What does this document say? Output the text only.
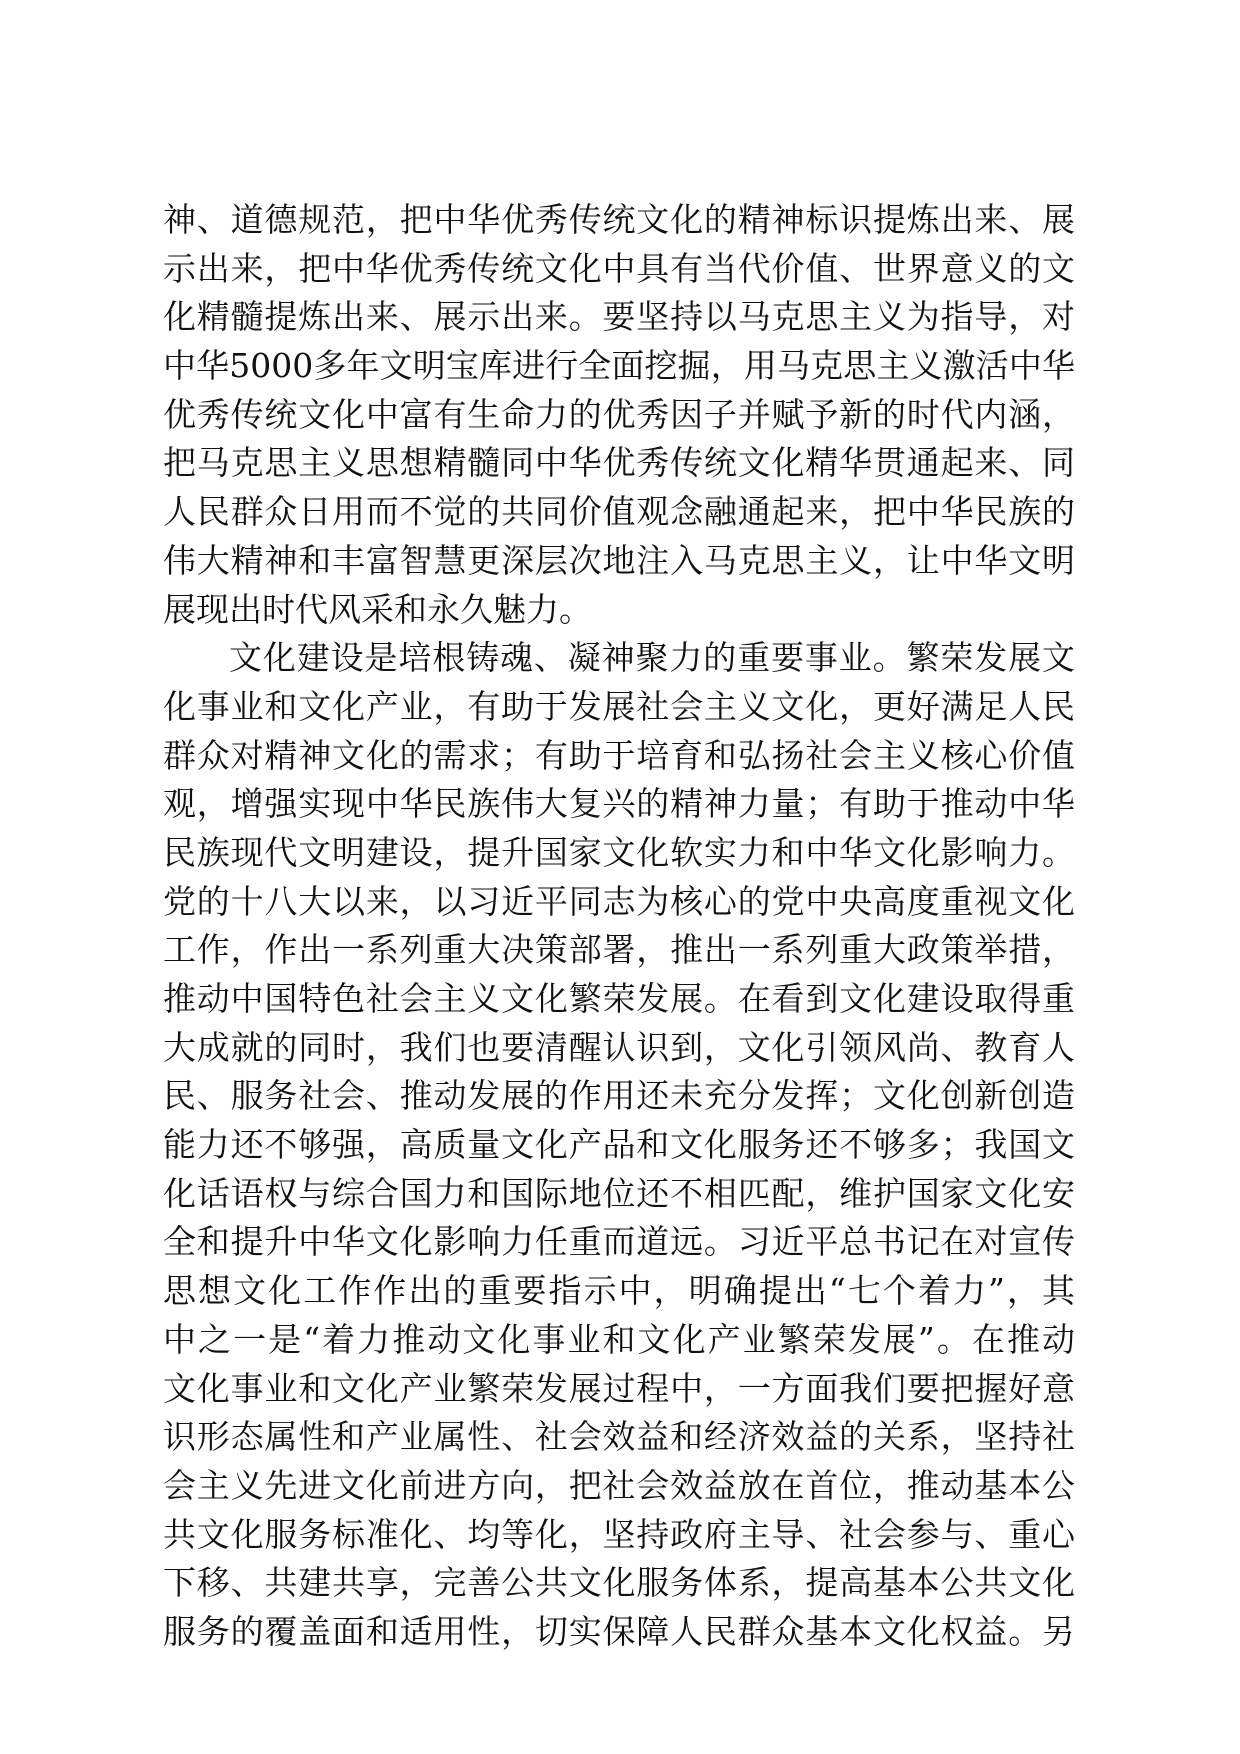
神、道德规范，把中华优秀传统文化的精神标识提炼出来、展
示出来，把中华优秀传统文化中具有当代价值、世界意义的文
化精髓提炼出来、展示出来。要坚持以马克思主义为指导，对
中华5000多年文明宝库进行全面挖掘，用马克思主义激活中华
优秀传统文化中富有生命力的优秀因子并赋予新的时代内涵，
把马克思主义思想精髓同中华优秀传统文化精华贯通起来、同
人民群众日用而不觉的共同价值观念融通起来，把中华民族的
伟大精神和丰富智慧更深层次地注入马克思主义，让中华文明
展现出时代风采和永久魅力。
文化建设是培根铸魂、凝神聚力的重要事业。繁荣发展文
化事业和文化产业，有助于发展社会主义文化，更好满足人民
群众对精神文化的需求；有助于培育和弘扬社会主义核心价值
观，增强实现中华民族伟大复兴的精神力量；有助于推动中华
民族现代文明建设，提升国家文化软实力和中华文化影响力。
党的十八大以来，以习近平同志为核心的党中央高度重视文化
工作，作出一系列重大决策部署，推出一系列重大政策举措，
推动中国特色社会主义文化繁荣发展。在看到文化建设取得重
大成就的同时，我们也要清醒认识到，文化引领风尚、教育人
民、服务社会、推动发展的作用还未充分发挥；文化创新创造
能力还不够强，高质量文化产品和文化服务还不够多；我国文
化话语权与综合国力和国际地位还不相匹配，维护国家文化安
全和提升中华文化影响力任重而道远。习近平总书记在对宣传
思想文化工作作出的重要指示中，明确提出“七个着力”，其
中之一是“着力推动文化事业和文化产业繁荣发展”。在推动
文化事业和文化产业繁荣发展过程中，一方面我们要把握好意
识形态属性和产业属性、社会效益和经济效益的关系，坚持社
会主义先进文化前进方向，把社会效益放在首位，推动基本公
共文化服务标准化、均等化，坚持政府主导、社会参与、重心
下移、共建共享，完善公共文化服务体系，提高基本公共文化
服务的覆盖面和适用性，切实保障人民群众基本文化权益。另
